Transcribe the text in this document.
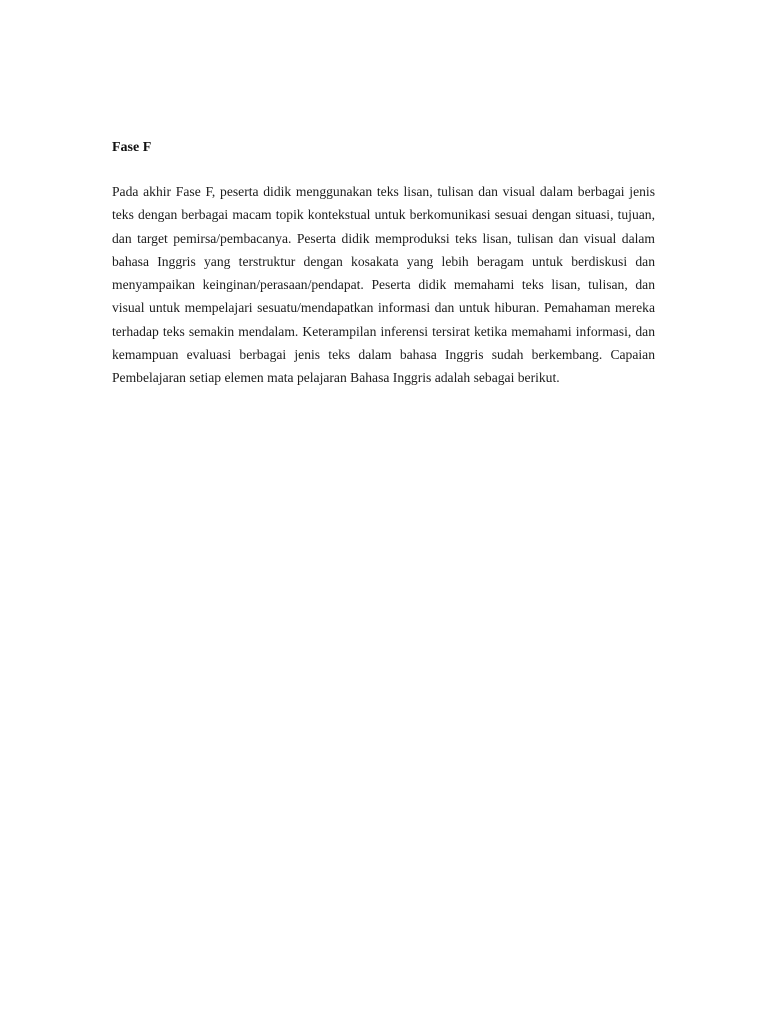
Fase F

Pada akhir Fase F, peserta didik menggunakan teks lisan, tulisan dan visual dalam berbagai jenis teks dengan berbagai macam topik kontekstual untuk berkomunikasi sesuai dengan situasi, tujuan, dan target pemirsa/pembacanya. Peserta didik memproduksi teks lisan, tulisan dan visual dalam bahasa Inggris yang terstruktur dengan kosakata yang lebih beragam untuk berdiskusi dan menyampaikan keinginan/perasaan/pendapat. Peserta didik memahami teks lisan, tulisan, dan visual untuk mempelajari sesuatu/mendapatkan informasi dan untuk hiburan. Pemahaman mereka terhadap teks semakin mendalam. Keterampilan inferensi tersirat ketika memahami informasi, dan kemampuan evaluasi berbagai jenis teks dalam bahasa Inggris sudah berkembang. Capaian Pembelajaran setiap elemen mata pelajaran Bahasa Inggris adalah sebagai berikut.
